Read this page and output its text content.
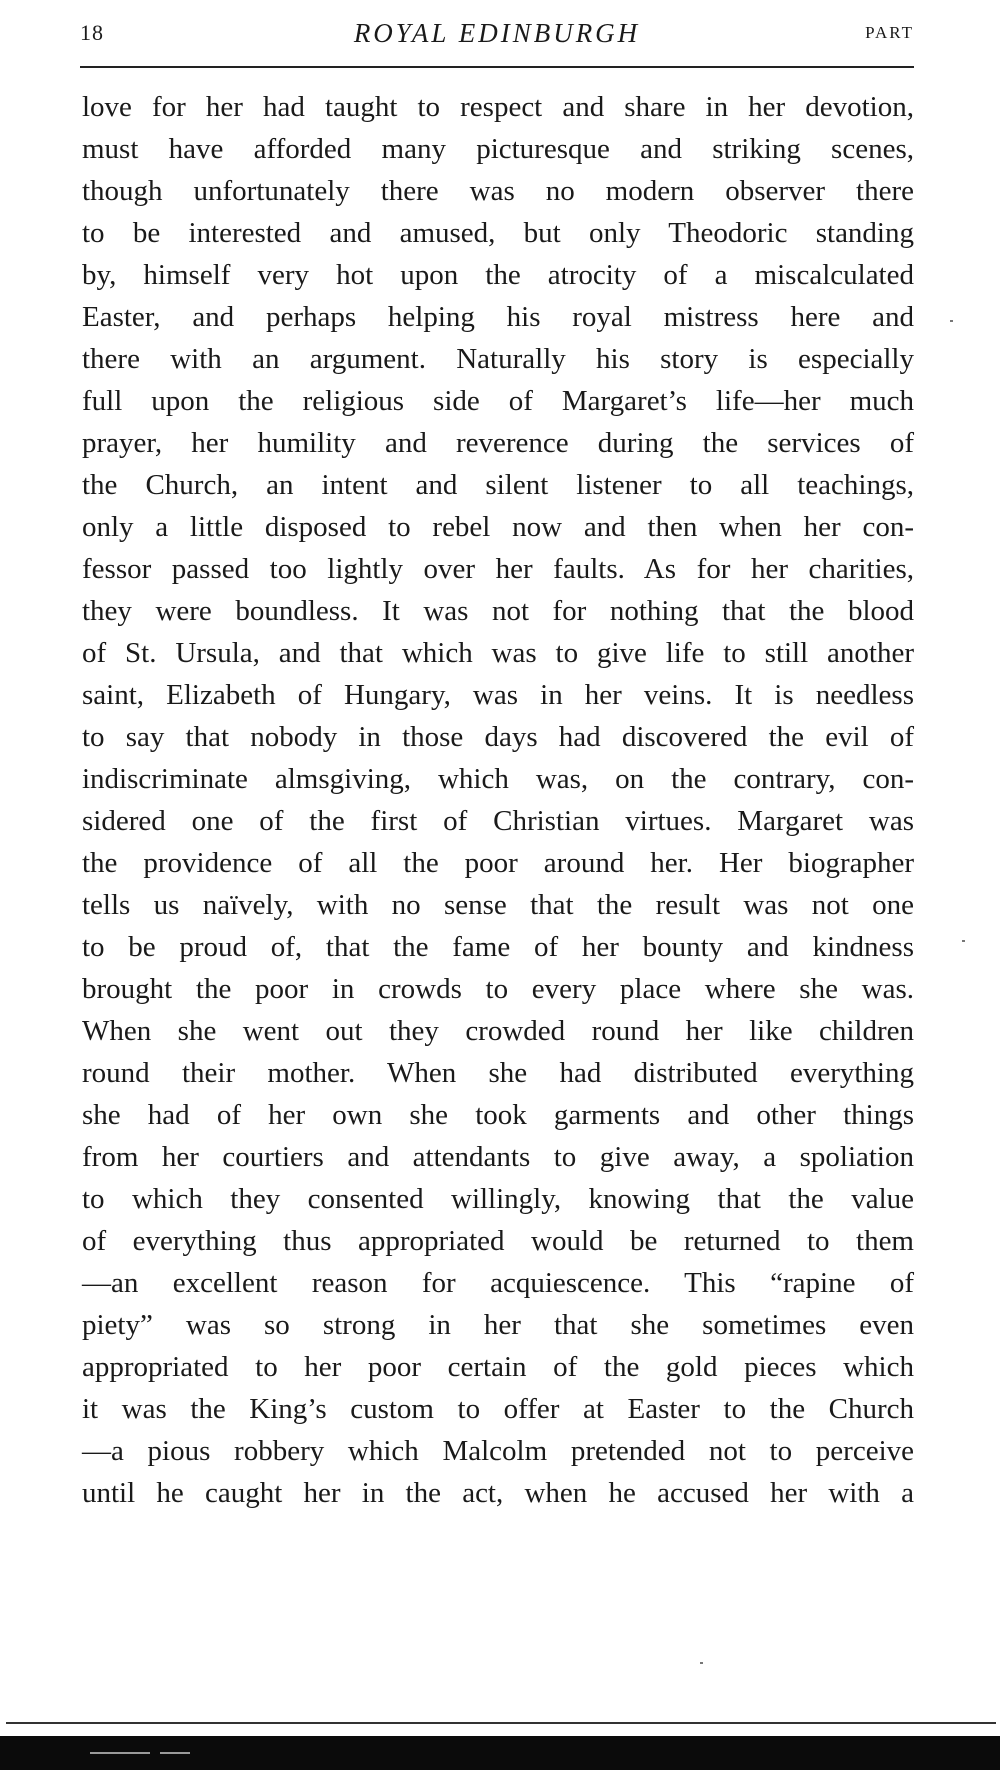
18	ROYAL EDINBURGH	PART
love for her had taught to respect and share in her devotion,
must have afforded many picturesque and striking scenes,
though unfortunately there was no modern observer there
to be interested and amused, but only Theodoric standing
by, himself very hot upon the atrocity of a miscalculated
Easter, and perhaps helping his royal mistress here and
there with an argument. Naturally his story is especially
full upon the religious side of Margaret’s life—her much
prayer, her humility and reverence during the services of
the Church, an intent and silent listener to all teachings,
only a little disposed to rebel now and then when her con-
fessor passed too lightly over her faults. As for her charities,
they were boundless. It was not for nothing that the blood
of St. Ursula, and that which was to give life to still another
saint, Elizabeth of Hungary, was in her veins. It is needless
to say that nobody in those days had discovered the evil of
indiscriminate almsgiving, which was, on the contrary, con-
sidered one of the first of Christian virtues. Margaret was
the providence of all the poor around her. Her biographer
tells us naïvely, with no sense that the result was not one
to be proud of, that the fame of her bounty and kindness
brought the poor in crowds to every place where she was.
When she went out they crowded round her like children
round their mother. When she had distributed everything
she had of her own she took garments and other things
from her courtiers and attendants to give away, a spoliation
to which they consented willingly, knowing that the value
of everything thus appropriated would be returned to them
—an excellent reason for acquiescence. This “rapine of
piety” was so strong in her that she sometimes even
appropriated to her poor certain of the gold pieces which
it was the King’s custom to offer at Easter to the Church
—a pious robbery which Malcolm pretended not to perceive
until he caught her in the act, when he accused her with a
